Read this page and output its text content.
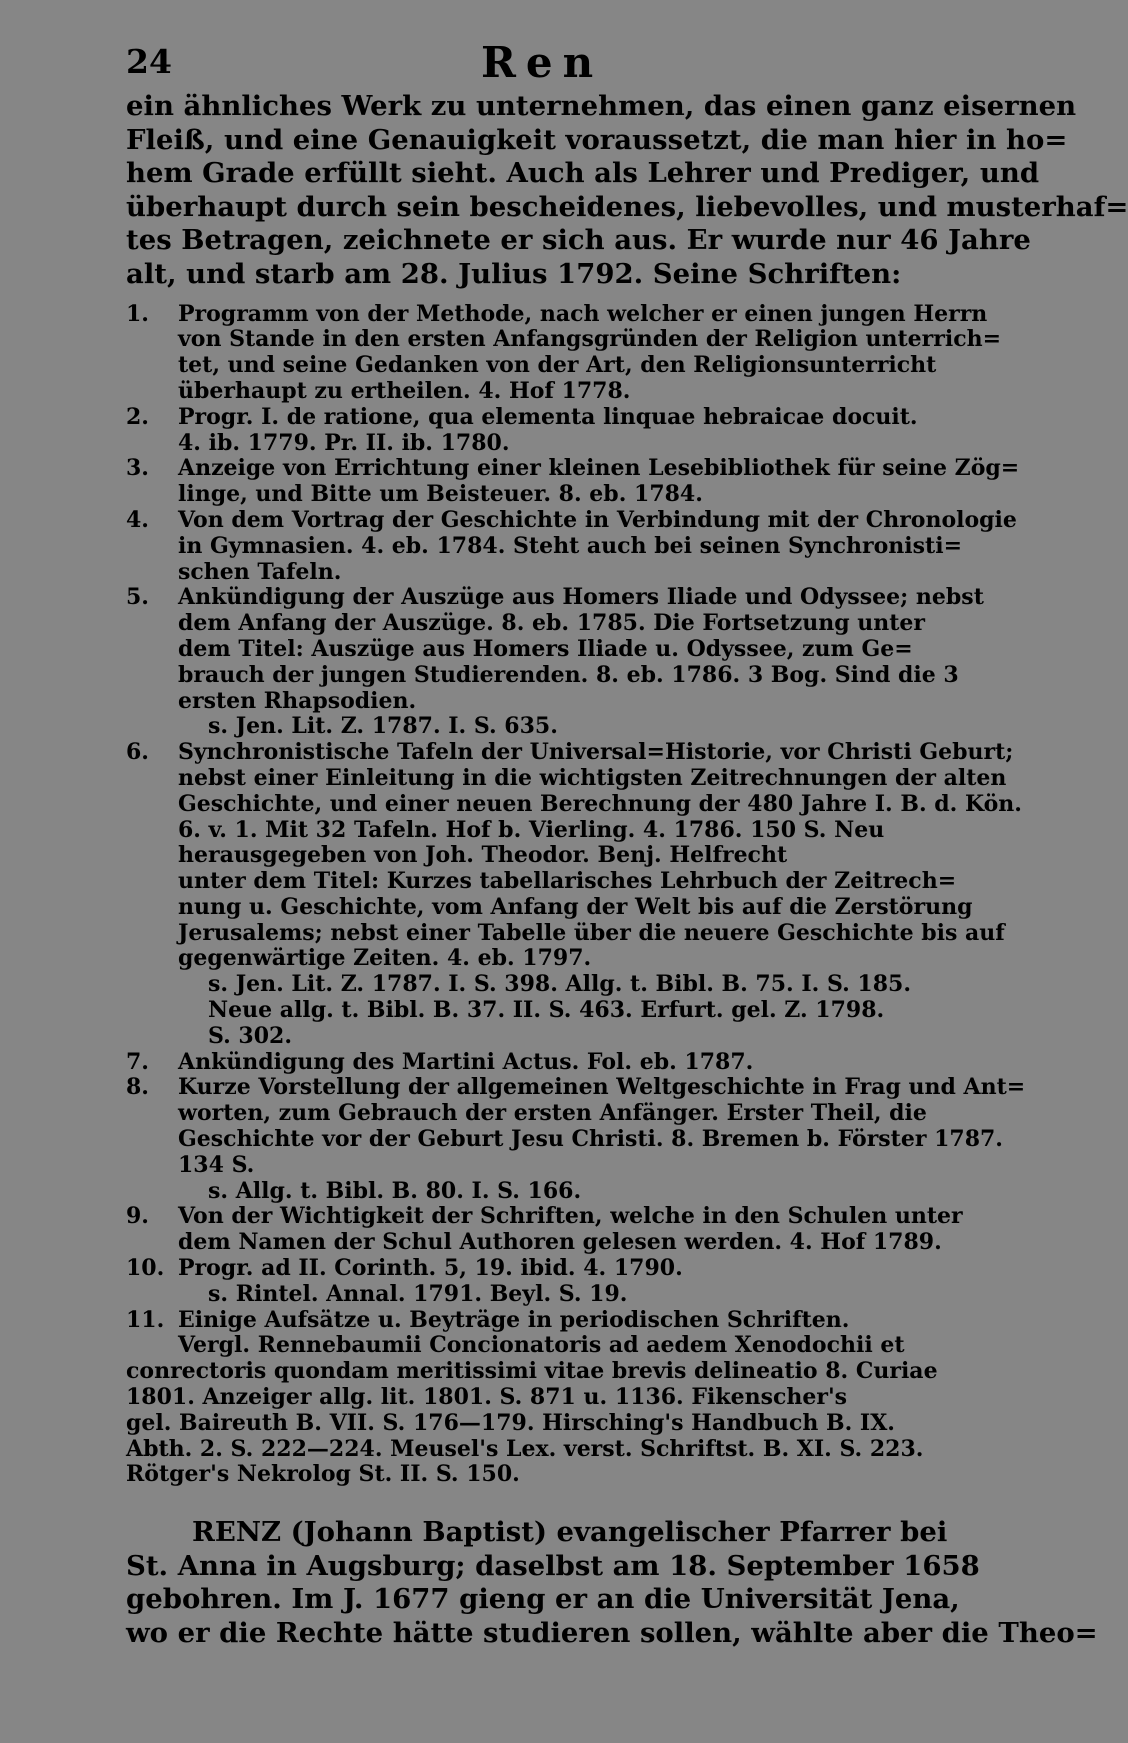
24	Ren
ein ähnliches Werk zu unternehmen, das einen ganz eisernen
Fleiß, und eine Genauigkeit voraussetzt, die man hier in ho=
hem Grade erfüllt sieht. Auch als Lehrer und Prediger, und
überhaupt durch sein bescheidenes, liebevolles, und musterhaf=
tes Betragen, zeichnete er sich aus. Er wurde nur 46 Jahre
alt, und starb am 28. Julius 1792. Seine Schriften:
1. Programm von der Methode, nach welcher er einen jungen Herrn
von Stande in den ersten Anfangsgründen der Religion unterrich=
tet, und seine Gedanken von der Art, den Religionsunterricht
überhaupt zu ertheilen. 4. Hof 1778.
2. Progr. I. de ratione, qua elementa linquae hebraicae docuit.
4. ib. 1779. Pr. II. ib. 1780.
3. Anzeige von Errichtung einer kleinen Lesebibliothek für seine Zög=
linge, und Bitte um Beisteuer. 8. eb. 1784.
4. Von dem Vortrag der Geschichte in Verbindung mit der Chronologie
in Gymnasien. 4. eb. 1784. Steht auch bei seinen Synchronisti=
schen Tafeln.
5. Ankündigung der Auszüge aus Homers Iliade und Odyssee; nebst
dem Anfang der Auszüge. 8. eb. 1785. Die Fortsetzung unter
dem Titel: Auszüge aus Homers Iliade u. Odyssee, zum Ge=
brauch der jungen Studierenden. 8. eb. 1786. 3 Bog. Sind die 3
ersten Rhapsodien.
s. Jen. Lit. Z. 1787. I. S. 635.
6. Synchronistische Tafeln der Universal=Historie, vor Christi Geburt;
nebst einer Einleitung in die wichtigsten Zeitrechnungen der alten
Geschichte, und einer neuen Berechnung der 480 Jahre I. B. d. Kön.
6. v. 1. Mit 32 Tafeln. Hof b. Vierling. 4. 1786. 150 S. Neu
herausgegeben von Joh. Theodor. Benj. Helfrecht
unter dem Titel: Kurzes tabellarisches Lehrbuch der Zeitrech=
nung u. Geschichte, vom Anfang der Welt bis auf die Zerstörung
Jerusalems; nebst einer Tabelle über die neuere Geschichte bis auf
gegenwärtige Zeiten. 4. eb. 1797.
s. Jen. Lit. Z. 1787. I. S. 398. Allg. t. Bibl. B. 75. I. S. 185.
Neue allg. t. Bibl. B. 37. II. S. 463. Erfurt. gel. Z. 1798.
S. 302.
7. Ankündigung des Martini Actus. Fol. eb. 1787.
8. Kurze Vorstellung der allgemeinen Weltgeschichte in Frag und Ant=
worten, zum Gebrauch der ersten Anfänger. Erster Theil, die
Geschichte vor der Geburt Jesu Christi. 8. Bremen b. Förster 1787.
134 S.
s. Allg. t. Bibl. B. 80. I. S. 166.
9. Von der Wichtigkeit der Schriften, welche in den Schulen unter
dem Namen der Schul Authoren gelesen werden. 4. Hof 1789.
10. Progr. ad II. Corinth. 5, 19. ibid. 4. 1790.
s. Rintel. Annal. 1791. Beyl. S. 19.
11. Einige Aufsätze u. Beyträge in periodischen Schriften.
Vergl. Rennebaumii Concionatoris ad aedem Xenodochii et
conrectoris quondam meritissimi vitae brevis delineatio 8. Curiae
1801. Anzeiger allg. lit. 1801. S. 871 u. 1136. Fikenscher's
gel. Baireuth B. VII. S. 176—179. Hirsching's Handbuch B. IX.
Abth. 2. S. 222—224. Meusel's Lex. verst. Schriftst. B. XI. S. 223.
Rötger's Nekrolog St. II. S. 150.
RENZ (Johann Baptist) evangelischer Pfarrer bei
St. Anna in Augsburg; daselbst am 18. September 1658
gebohren. Im J. 1677 gieng er an die Universität Jena,
wo er die Rechte hätte studieren sollen, wählte aber die Theo=
